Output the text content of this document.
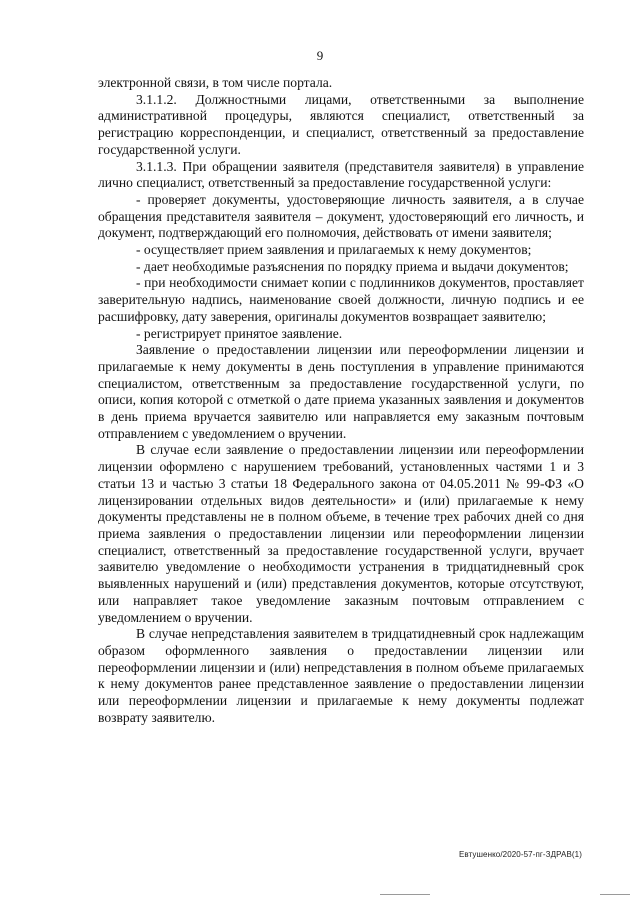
9

электронной связи, в том числе портала.

3.1.1.2. Должностными лицами, ответственными за выполнение административной процедуры, являются специалист, ответственный за регистрацию корреспонденции, и специалист, ответственный за предоставление государственной услуги.

3.1.1.3. При обращении заявителя (представителя заявителя) в управление лично специалист, ответственный за предоставление государственной услуги:

- проверяет документы, удостоверяющие личность заявителя, а в случае обращения представителя заявителя – документ, удостоверяющий его личность, и документ, подтверждающий его полномочия, действовать от имени заявителя;

- осуществляет прием заявления и прилагаемых к нему документов;

- дает необходимые разъяснения по порядку приема и выдачи документов;

- при необходимости снимает копии с подлинников документов, проставляет заверительную надпись, наименование своей должности, личную подпись и ее расшифровку, дату заверения, оригиналы документов возвращает заявителю;

- регистрирует принятое заявление.

Заявление о предоставлении лицензии или переоформлении лицензии и прилагаемые к нему документы в день поступления в управление принимаются специалистом, ответственным за предоставление государственной услуги, по описи, копия которой с отметкой о дате приема указанных заявления и документов в день приема вручается заявителю или направляется ему заказным почтовым отправлением с уведомлением о вручении.

В случае если заявление о предоставлении лицензии или переоформлении лицензии оформлено с нарушением требований, установленных частями 1 и 3 статьи 13 и частью 3 статьи 18 Федерального закона от 04.05.2011 № 99-ФЗ «О лицензировании отдельных видов деятельности» и (или) прилагаемые к нему документы представлены не в полном объеме, в течение трех рабочих дней со дня приема заявления о предоставлении лицензии или переоформлении лицензии специалист, ответственный за предоставление государственной услуги, вручает заявителю уведомление о необходимости устранения в тридцатидневный срок выявленных нарушений и (или) представления документов, которые отсутствуют, или направляет такое уведомление заказным почтовым отправлением с уведомлением о вручении.

В случае непредставления заявителем в тридцатидневный срок надлежащим образом оформленного заявления о предоставлении лицензии или переоформлении лицензии и (или) непредставления в полном объеме прилагаемых к нему документов ранее представленное заявление о предоставлении лицензии или переоформлении лицензии и прилагаемые к нему документы подлежат возврату заявителю.

Евтушенко/2020-57-пг-ЗДРАВ(1)
